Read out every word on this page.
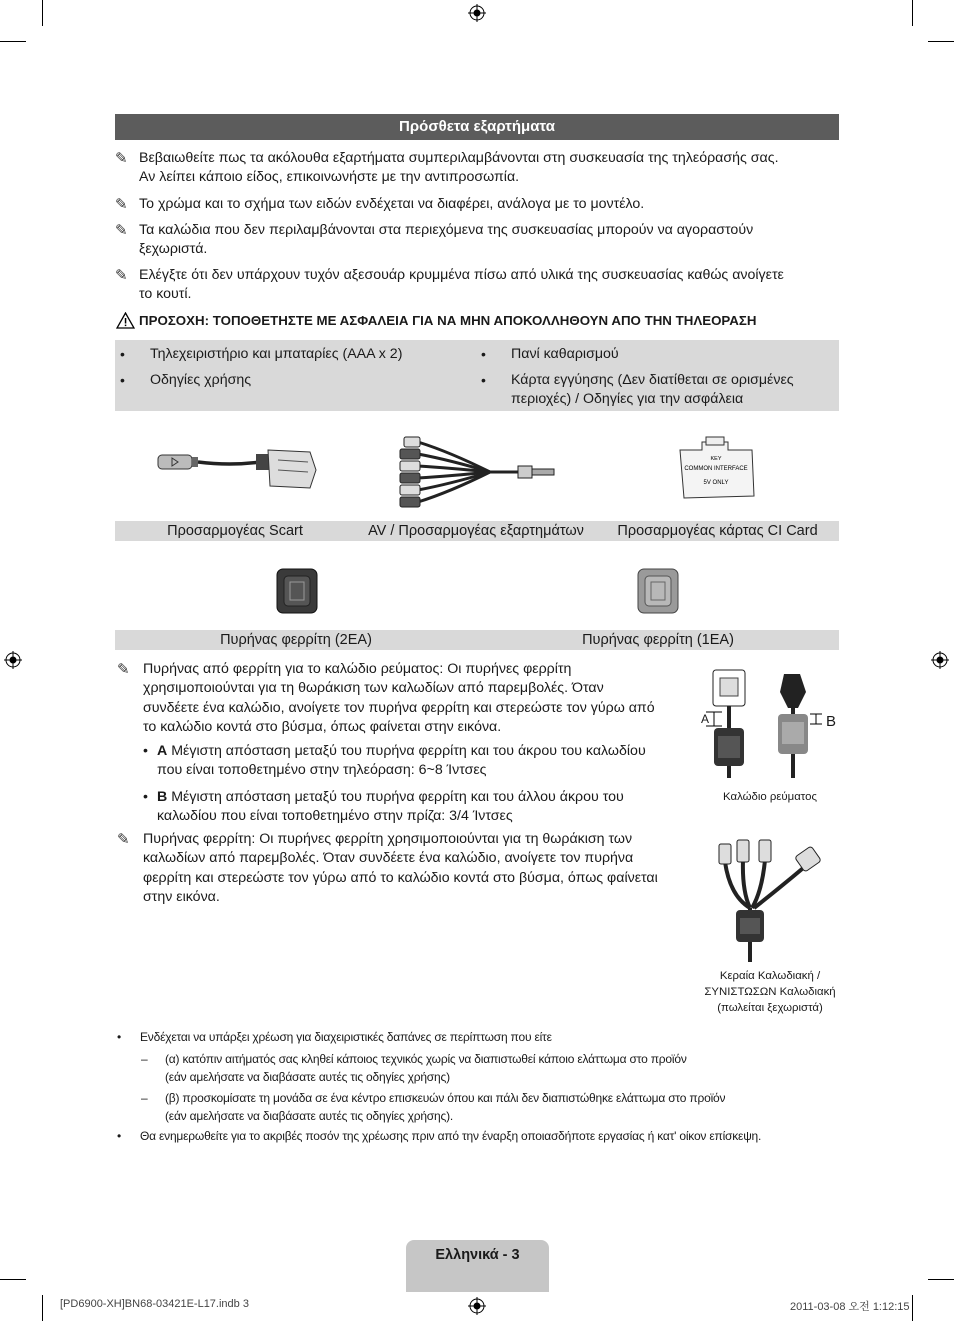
Πρόσθετα εξαρτήματα
✎ Βεβαιωθείτε πως τα ακόλουθα εξαρτήματα συμπεριλαμβάνονται στη συσκευασία της τηλεόρασής σας.
Αν λείπει κάποιο είδος, επικοινωνήστε με την αντιπροσωπία.
✎ Το χρώμα και το σχήμα των ειδών ενδέχεται να διαφέρει, ανάλογα με το μοντέλο.
✎ Τα καλώδια που δεν περιλαμβάνονται στα περιεχόμενα της συσκευασίας μπορούν να αγοραστούν
ξεχωριστά.
✎ Ελέγξτε ότι δεν υπάρχουν τυχόν αξεσουάρ κρυμμένα πίσω από υλικά της συσκευασίας καθώς ανοίγετε
το κουτί.
ΠΡΟΣΟΧΗ: ΤΟΠΟΘΕΤΗΣΤΕ ΜΕ ΑΣΦΑΛΕΙΑ ΓΙΑ ΝΑ ΜΗΝ ΑΠΟΚΟΛΛΗΘΟΥΝ ΑΠΟ ΤΗΝ ΤΗΛΕΟΡΑΣΗ
• Τηλεχειριστήριο και μπαταρίες (AAA x 2)
• Οδηγίες χρήσης
• Πανί καθαρισμού
• Κάρτα εγγύησης (Δεν διατίθεται σε ορισμένες
περιοχές) / Οδηγίες για την ασφάλεια
KEY
COMMON INTERFACE
5V ONLY
Προσαρμογέας Scart	AV / Προσαρμογέας εξαρτημάτων	Προσαρμογέας κάρτας CI Card
Πυρήνας φερρίτη (2EA)	Πυρήνας φερρίτη (1EA)
✎ Πυρήνας από φερρίτη για το καλώδιο ρεύματος: Οι πυρήνες φερρίτη
χρησιμοποιούνται για τη θωράκιση των καλωδίων από παρεμβολές. Όταν
συνδέετε ένα καλώδιο, ανοίγετε τον πυρήνα φερρίτη και στερεώστε τον γύρω από
το καλώδιο κοντά στο βύσμα, όπως φαίνεται στην εικόνα.
• A Μέγιστη απόσταση μεταξύ του πυρήνα φερρίτη και του άκρου του καλωδίου
που είναι τοποθετημένο στην τηλεόραση: 6~8 Ίντσες
• B Μέγιστη απόσταση μεταξύ του πυρήνα φερρίτη και του άλλου άκρου του
καλωδίου που είναι τοποθετημένο στην πρίζα: 3/4 Ίντσες
✎ Πυρήνας φερρίτη: Οι πυρήνες φερρίτη χρησιμοποιούνται για τη θωράκιση των
καλωδίων από παρεμβολές. Όταν συνδέετε ένα καλώδιο, ανοίγετε τον πυρήνα
φερρίτη και στερεώστε τον γύρω από το καλώδιο κοντά στο βύσμα, όπως φαίνεται
στην εικόνα.
A	B
Καλώδιο ρεύματος
Κεραία Καλωδιακή /
ΣΥΝΙΣΤΩΣΩΝ Καλωδιακή
(πωλείται ξεχωριστά)
• Ενδέχεται να υπάρξει χρέωση για διαχειριστικές δαπάνες σε περίπτωση που είτε
– (α) κατόπιν αιτήματός σας κληθεί κάποιος τεχνικός χωρίς να διαπιστωθεί κάποιο ελάττωμα στο προϊόν
(εάν αμελήσατε να διαβάσατε αυτές τις οδηγίες χρήσης)
– (β) προσκομίσατε τη μονάδα σε ένα κέντρο επισκευών όπου και πάλι δεν διαπιστώθηκε ελάττωμα στο προϊόν
(εάν αμελήσατε να διαβάσατε αυτές τις οδηγίες χρήσης).
• Θα ενημερωθείτε για το ακριβές ποσόν της χρέωσης πριν από την έναρξη οποιασδήποτε εργασίας ή κατ' οίκον επίσκεψη.
Ελληνικά - 3
[PD6900-XH]BN68-03421E-L17.indb 3	2011-03-08 오전 1:12:15
